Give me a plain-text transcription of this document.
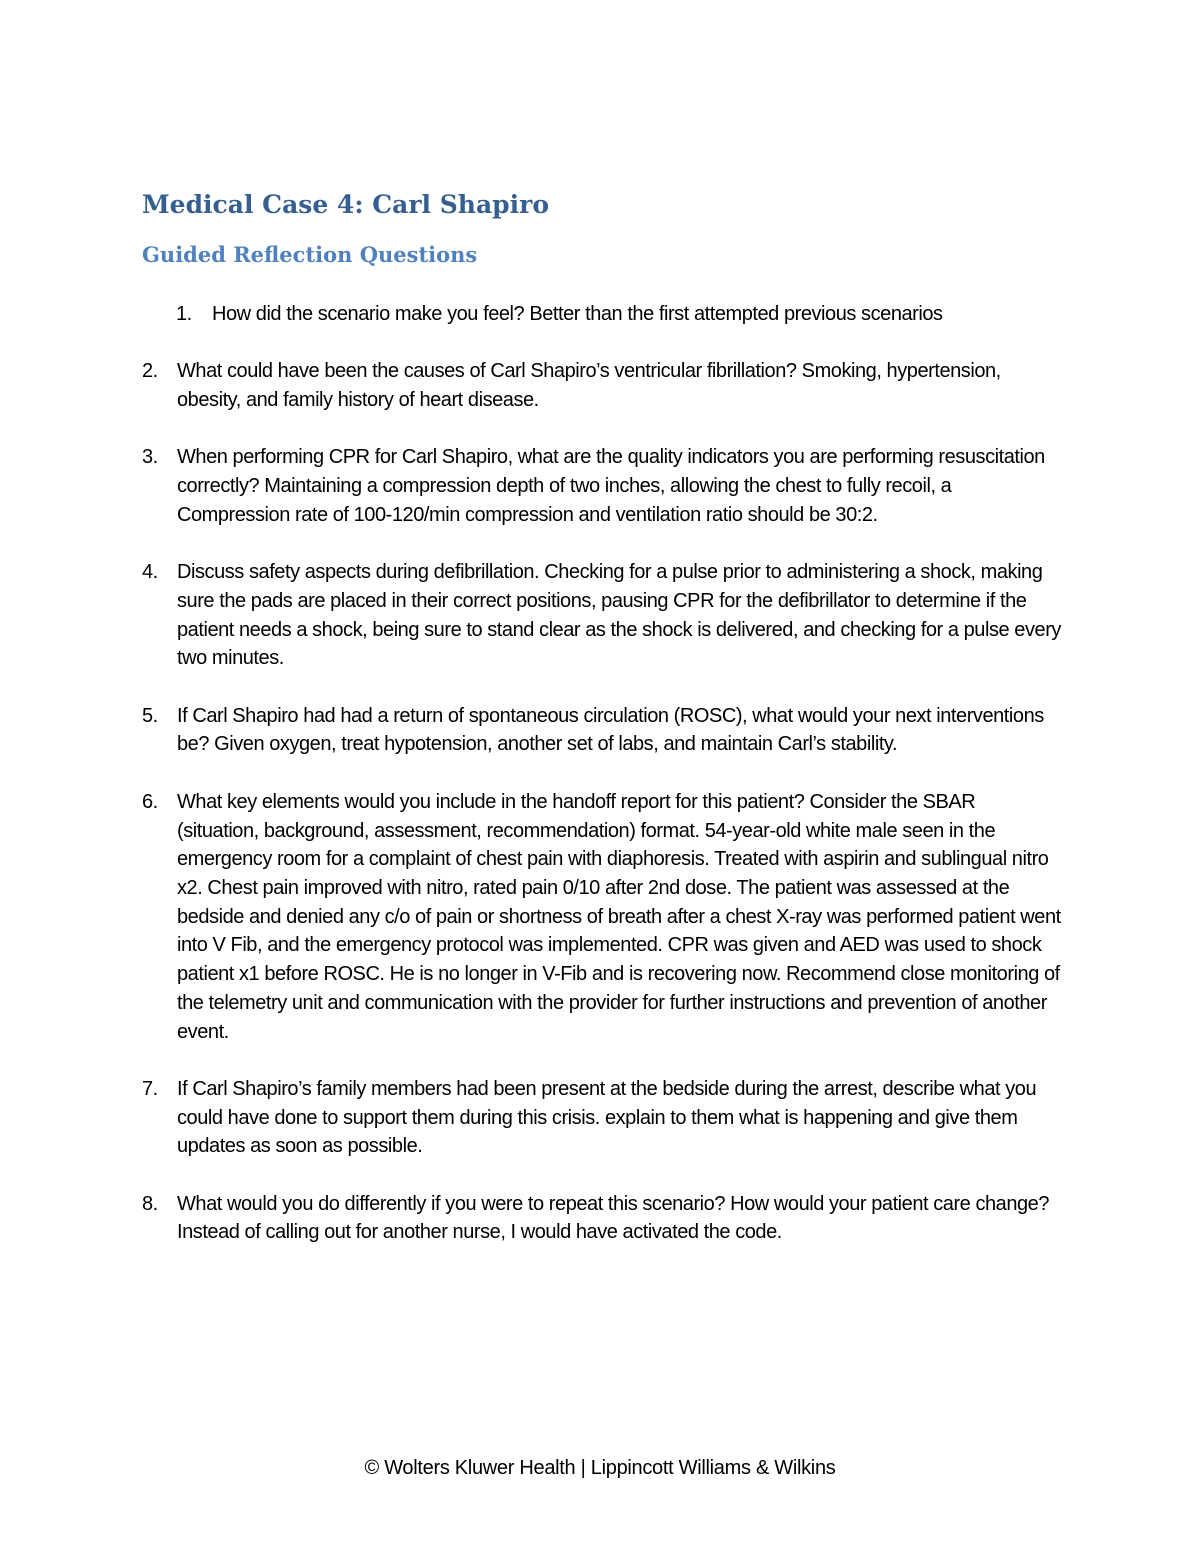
Medical Case 4: Carl Shapiro
Guided Reflection Questions
1. How did the scenario make you feel? Better than the first attempted previous scenarios
2. What could have been the causes of Carl Shapiro’s ventricular fibrillation? Smoking, hypertension, obesity, and family history of heart disease.
3. When performing CPR for Carl Shapiro, what are the quality indicators you are performing resuscitation correctly? Maintaining a compression depth of two inches, allowing the chest to fully recoil, a Compression rate of 100-120/min compression and ventilation ratio should be 30:2.
4. Discuss safety aspects during defibrillation. Checking for a pulse prior to administering a shock, making sure the pads are placed in their correct positions, pausing CPR for the defibrillator to determine if the patient needs a shock, being sure to stand clear as the shock is delivered, and checking for a pulse every two minutes.
5. If Carl Shapiro had had a return of spontaneous circulation (ROSC), what would your next interventions be? Given oxygen, treat hypotension, another set of labs, and maintain Carl’s stability.
6. What key elements would you include in the handoff report for this patient? Consider the SBAR (situation, background, assessment, recommendation) format. 54-year-old white male seen in the emergency room for a complaint of chest pain with diaphoresis. Treated with aspirin and sublingual nitro x2. Chest pain improved with nitro, rated pain 0/10 after 2nd dose. The patient was assessed at the bedside and denied any c/o of pain or shortness of breath after a chest X-ray was performed patient went into V Fib, and the emergency protocol was implemented. CPR was given and AED was used to shock patient x1 before ROSC. He is no longer in V-Fib and is recovering now. Recommend close monitoring of the telemetry unit and communication with the provider for further instructions and prevention of another event.
7. If Carl Shapiro’s family members had been present at the bedside during the arrest, describe what you could have done to support them during this crisis. explain to them what is happening and give them updates as soon as possible.
8. What would you do differently if you were to repeat this scenario? How would your patient care change? Instead of calling out for another nurse, I would have activated the code.
© Wolters Kluwer Health | Lippincott Williams & Wilkins
